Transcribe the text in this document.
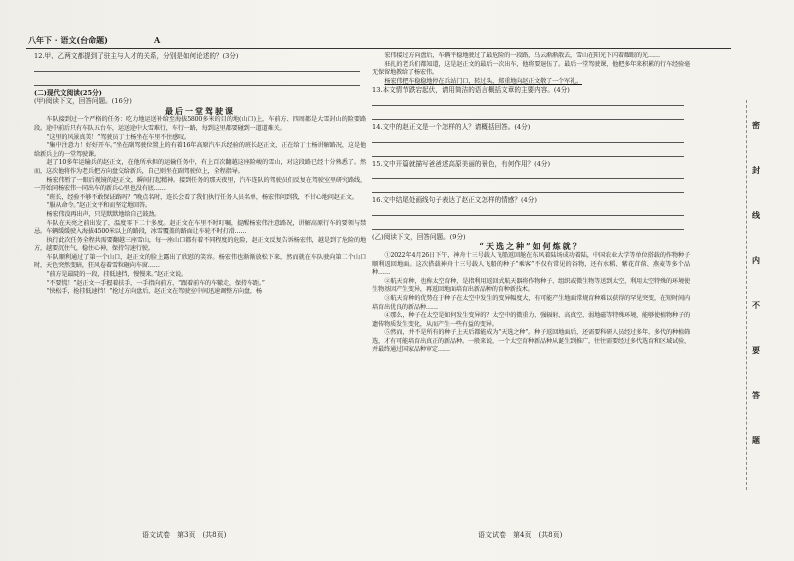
八年下 · 语文(台命题)	A

12.甲、乙两文都提到了驻主与人才的关系，分别是如何论述的？(3分)

(二)现代文阅读(25分)

(甲)阅读下文，回答问题。(16分)

最后一堂驾驶课

车队接到过一个严格的任务：吃力地运送补给至海拔5800多米的目的地(山口)上，车前方、四周都是大雪封山的险要路段。途中前后只有车队五台车，运送途中大雪难行，车行一路，每到这里都要碰到一道道难关。

“这里的风景真美！”驾驶员丁士杨坐在车里不住感叹。

“集中注意力！好好开车。”坐在副驾驶位置上的有着16年高原汽车兵经验的班长赵正文，正在给丁士杨讲解路况，这是他给新兵上的一堂驾驶课。

赵了10多年运输兵的赵正文，在他所承担的运输任务中，有上百次翻越这座险峻的雪山，对这段路已经十分熟悉了。然而，这次他将作为老兵把方向盘交给新兵，自己则坐在副驾驶位上，全程指导。

杨宏伟暂了一眼后视镜的赵正文，瞬间打起精神。接到任务的那天夜里，汽车连队的驾驶员们反复在驾驶室里研究路线，一开始同杨宏伟一同出车的新兵心里也没有底……

“班长，经验不够不敢保证路吗？”晚点名时，连长会看了我们执行任务人员名单，杨宏伟问到我，不甘心地问赵正文。

“服从命令。”赵正文平和而坚定地回答。

杨宏伟没再出声，只是默默地给自己鼓劲。

车队在天亮之前出发了，温度零下二十多度。赵正文在车里不时叮嘱，提醒杨宏伟注意路况，讲解高原行车的要领与禁忌。车辆缓缓驶入海拔4500米以上的路段，冰雪覆盖的路面让车轮不时打滑……

执行此次任务全程共需要翻越三座雪山，每一座山口都有着不同程度的危险，赵正文反复告诉杨宏伟，越是到了危险的地方，越要沉住气，稳住心神，保持匀速行驶。

车队顺利通过了第一个山口，赵正文的脸上露出了欣慰的笑容。杨宏伟也渐渐放松下来，然而就在车队驶向第二个山口时，天色突然变暗，狂风卷着雪粒砸向车窗……

“前方是最陡的一段，挂低速挡，慢慢来。”赵正文说。

“不要慌！”赵正文一手握着扶手，一手指向前方，“跟着前车的车辙走，保持车距。”

“快松手，抢挂低速挡！”抢过方向盘后，赵正文在驾驶室中间迅速调整方向盘，杨

宏伟接过方向盘后，车辆平稳地驶过了最危险的一段路，乌云渐渐散去，雪山在阳光下闪着耀眼的光……

驻扎的老兵们都知道，这是赵正文的最后一次出车，他将要退伍了。最后一堂驾驶课，他把多年来积累的行车经验毫无保留地教给了杨宏伟。

杨宏伟把车稳稳地停在兵站门口，转过头，郑重地向赵正文敬了一个军礼。

13.本文情节跌宕起伏，请用简洁的语言概括文章的主要内容。(4分)

14.文中的赵正文是一个怎样的人？请概括回答。(4分)

15.文中开篇就描写爸爸述高原美丽的景色，有何作用？(4分)

16.文中结尾处画线句子表达了赵正文怎样的情感？(4分)

(乙)阅读下文，回答问题。(9分)

“天选之种”如何炼就？

①2022年4月26日下午，神舟十三号载人飞船返回舱在东风着陆场成功着陆，中国农业大学等单位搭载的作物种子顺利返回地面。这次搭载神舟十三号载人飞船的种子“乘客”不仅有常见的谷物，还有水稻、紫花苜蓿、燕麦等多个品种……

②航天育种，也称太空育种，是指利用返回式航天器将作物种子、组织或微生物等送到太空，利用太空特殊的环境使生物基因产生变异，再返回地面培育出新品种的育种新技术。

③航天育种的优势在于种子在太空中发生的变异幅度大，有可能产生地面常规育种难以获得的罕见突变，在短时间内培育出优良的新品种……

④那么，种子在太空是如何发生变异的？太空中的微重力、强辐射、高真空、弱地磁等特殊环境，能够使植物种子的遗传物质发生变化，从而产生一些有益的变异。

⑤然而，并不是所有的种子上天后都能成为“天选之种”。种子返回地面后，还需要科研人员经过多年、多代的种植筛选，才有可能培育出真正的新品种。一般来说，一个太空育种新品种从诞生到推广，往往需要经过多代选育和区域试验，并最终通过国家品种审定……

语文试卷　第3页　(共8页)	语文试卷　第4页　(共8页)
密
封
线
内
不
要
答
题
